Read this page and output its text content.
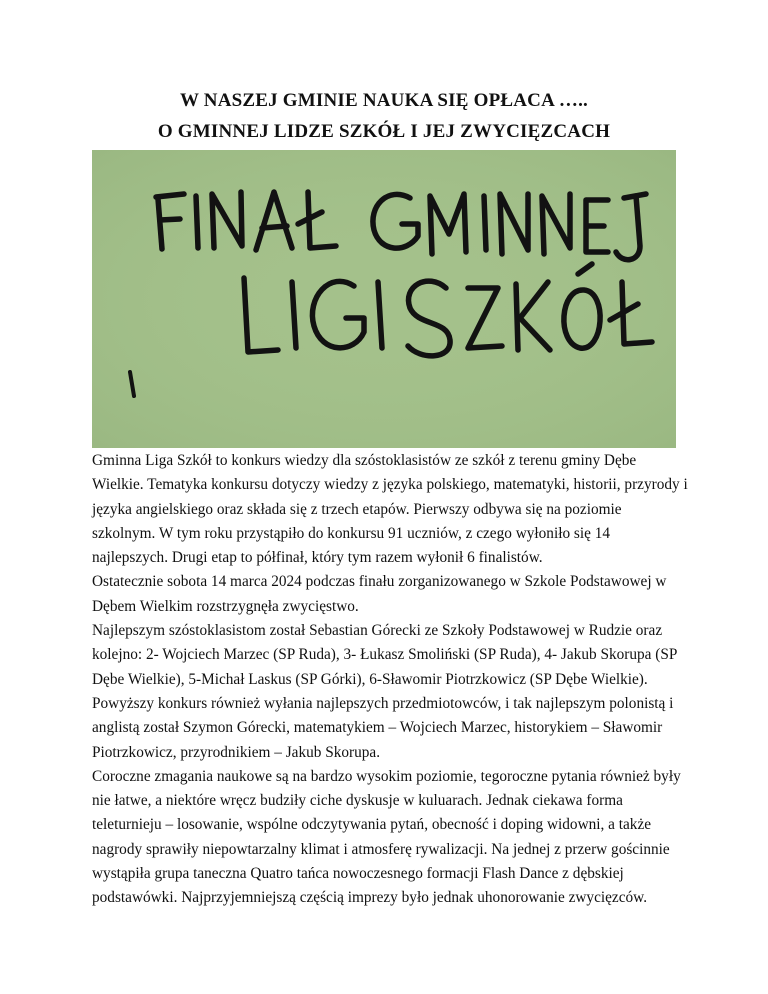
W NASZEJ GMINIE NAUKA SIĘ OPŁACA …..
O GMINNEJ LIDZE SZKÓŁ I JEJ ZWYCIĘZCACH

Gminna Liga Szkół to konkurs wiedzy dla szóstoklasistów ze szkół z terenu gminy Dębe Wielkie. Tematyka konkursu dotyczy wiedzy z języka polskiego, matematyki, historii, przyrody i języka angielskiego oraz składa się z trzech etapów. Pierwszy odbywa się na poziomie szkolnym. W tym roku przystąpiło do konkursu 91 uczniów, z czego wyłoniło się 14 najlepszych. Drugi etap to półfinał, który tym razem wyłonił 6 finalistów.

Ostatecznie sobota 14 marca 2024 podczas finału zorganizowanego w Szkole Podstawowej w Dębem Wielkim rozstrzygnęła zwycięstwo.

Najlepszym szóstoklasistom został Sebastian Górecki ze Szkoły Podstawowej w Rudzie oraz kolejno: 2- Wojciech Marzec (SP Ruda), 3- Łukasz Smoliński (SP Ruda), 4- Jakub Skorupa (SP Dębe Wielkie), 5-Michał Laskus (SP Górki), 6-Sławomir Piotrzkowicz (SP Dębe Wielkie). Powyższy konkurs również wyłania najlepszych przedmiotowców, i tak najlepszym polonistą i anglistą został Szymon Górecki, matematykiem – Wojciech Marzec, historykiem – Sławomir Piotrzkowicz, przyrodnikiem – Jakub Skorupa.

Coroczne zmagania naukowe są na bardzo wysokim poziomie, tegoroczne pytania również były nie łatwe, a niektóre wręcz budziły ciche dyskusje w kuluarach. Jednak ciekawa forma teleturnieju – losowanie, wspólne odczytywania pytań, obecność i doping widowni, a także nagrody sprawiły niepowtarzalny klimat i atmosferę rywalizacji. Na jednej z przerw gościnnie wystąpiła grupa taneczna Quatro tańca nowoczesnego formacji Flash Dance z dębskiej podstawówki. Najprzyjemniejszą częścią imprezy było jednak uhonorowanie zwycięzców.
